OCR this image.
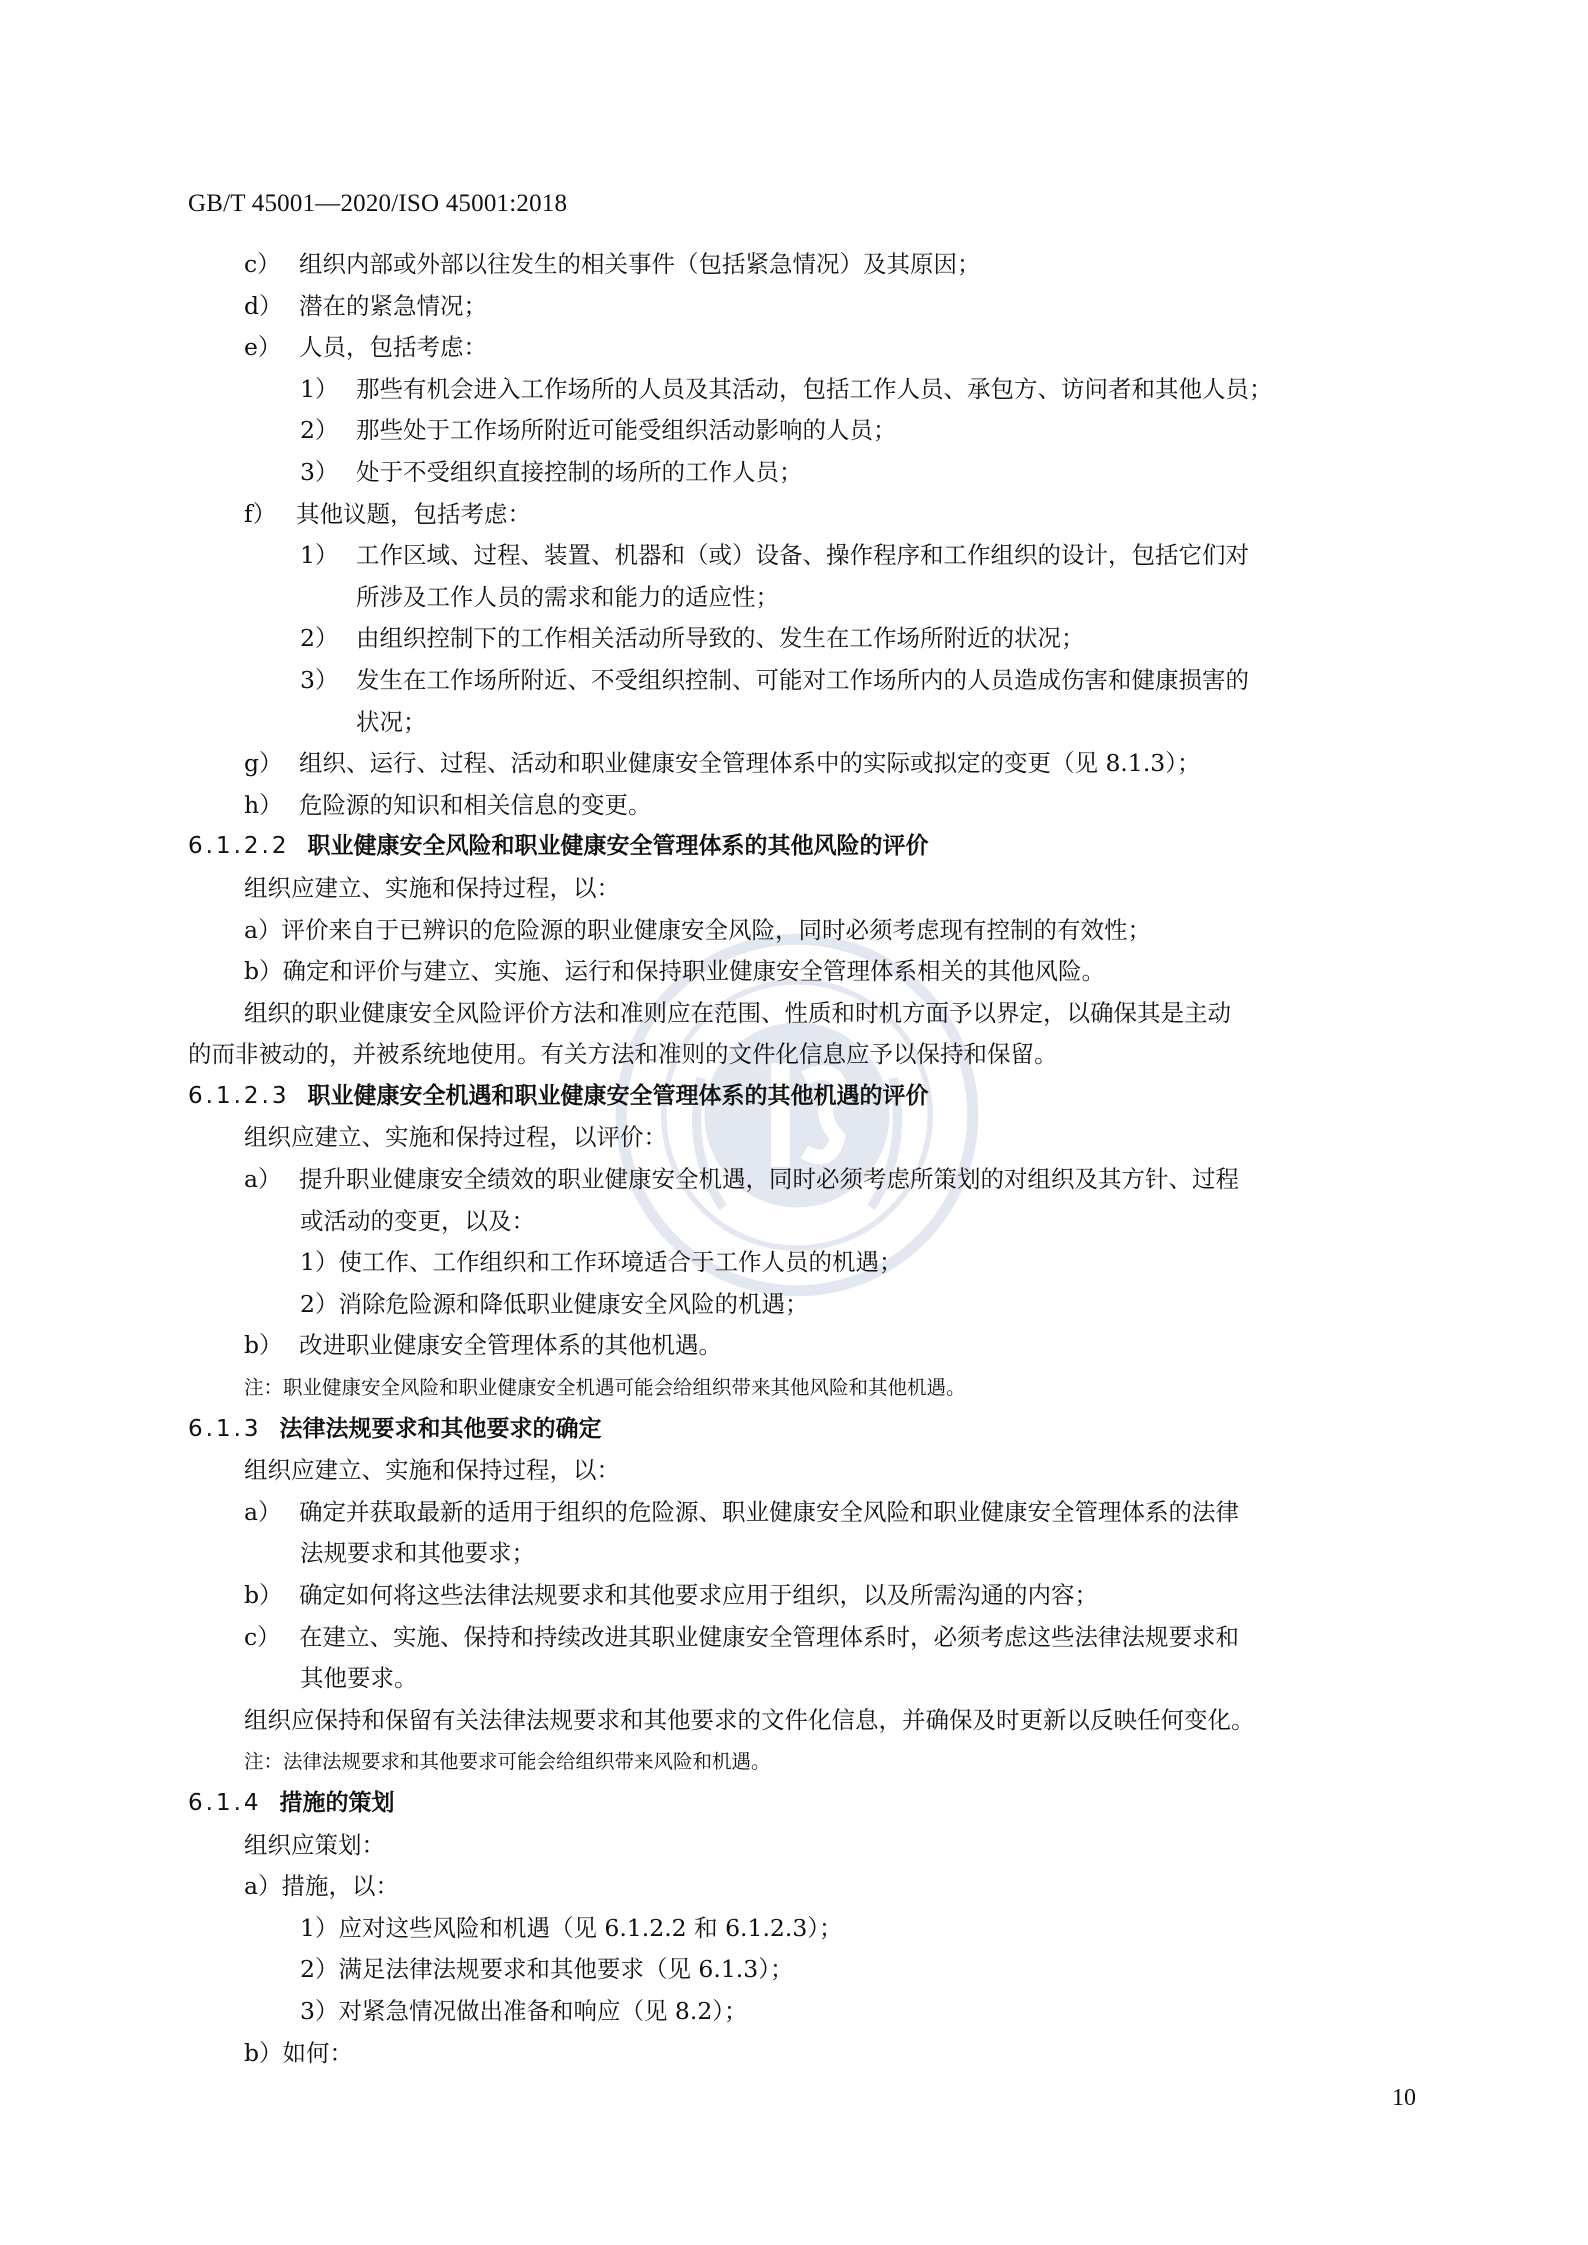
GB/T 45001—2020/ISO 45001:2018
c） 组织内部或外部以往发生的相关事件（包括紧急情况）及其原因；
d） 潜在的紧急情况；
e） 人员，包括考虑：
1） 那些有机会进入工作场所的人员及其活动，包括工作人员、承包方、访问者和其他人员；
2） 那些处于工作场所附近可能受组织活动影响的人员；
3） 处于不受组织直接控制的场所的工作人员；
f） 其他议题，包括考虑：
1） 工作区域、过程、装置、机器和（或）设备、操作程序和工作组织的设计，包括它们对
所涉及工作人员的需求和能力的适应性；
2） 由组织控制下的工作相关活动所导致的、发生在工作场所附近的状况；
3） 发生在工作场所附近、不受组织控制、可能对工作场所内的人员造成伤害和健康损害的
状况；
g） 组织、运行、过程、活动和职业健康安全管理体系中的实际或拟定的变更（见 8.1.3）；
h） 危险源的知识和相关信息的变更。
6.1.2.2 职业健康安全风险和职业健康安全管理体系的其他风险的评价
组织应建立、实施和保持过程，以：
a）评价来自于已辨识的危险源的职业健康安全风险，同时必须考虑现有控制的有效性；
b）确定和评价与建立、实施、运行和保持职业健康安全管理体系相关的其他风险。
组织的职业健康安全风险评价方法和准则应在范围、性质和时机方面予以界定，以确保其是主动
的而非被动的，并被系统地使用。有关方法和准则的文件化信息应予以保持和保留。
6.1.2.3 职业健康安全机遇和职业健康安全管理体系的其他机遇的评价
组织应建立、实施和保持过程，以评价：
a） 提升职业健康安全绩效的职业健康安全机遇，同时必须考虑所策划的对组织及其方针、过程
或活动的变更，以及：
1）使工作、工作组织和工作环境适合于工作人员的机遇；
2）消除危险源和降低职业健康安全风险的机遇；
b） 改进职业健康安全管理体系的其他机遇。
注：职业健康安全风险和职业健康安全机遇可能会给组织带来其他风险和其他机遇。
6.1.3 法律法规要求和其他要求的确定
组织应建立、实施和保持过程，以：
a） 确定并获取最新的适用于组织的危险源、职业健康安全风险和职业健康安全管理体系的法律
法规要求和其他要求；
b） 确定如何将这些法律法规要求和其他要求应用于组织，以及所需沟通的内容；
c） 在建立、实施、保持和持续改进其职业健康安全管理体系时，必须考虑这些法律法规要求和
其他要求。
组织应保持和保留有关法律法规要求和其他要求的文件化信息，并确保及时更新以反映任何变化。
注：法律法规要求和其他要求可能会给组织带来风险和机遇。
6.1.4 措施的策划
组织应策划：
a）措施，以：
1）应对这些风险和机遇（见 6.1.2.2 和 6.1.2.3）；
2）满足法律法规要求和其他要求（见 6.1.3）；
3）对紧急情况做出准备和响应（见 8.2）；
b）如何：
10
